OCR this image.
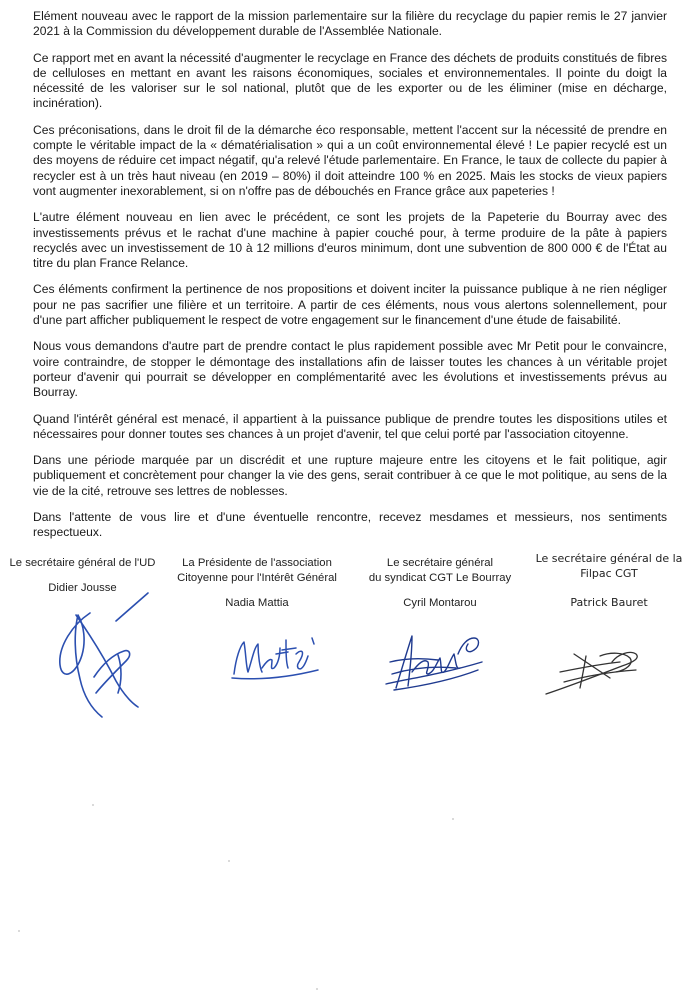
Elément nouveau avec le rapport de la mission parlementaire sur la filière du recyclage du papier remis le 27 janvier 2021 à la Commission du développement durable de l'Assemblée Nationale.

Ce rapport met en avant la nécessité d'augmenter le recyclage en France des déchets de produits constitués de fibres de celluloses en mettant en avant les raisons économiques, sociales et environnementales. Il pointe du doigt la nécessité de les valoriser sur le sol national, plutôt que de les exporter ou de les éliminer (mise en décharge, incinération).

Ces préconisations, dans le droit fil de la démarche éco responsable, mettent l'accent sur la nécessité de prendre en compte le véritable impact de la « dématérialisation » qui a un coût environnemental élevé ! Le papier recyclé est un des moyens de réduire cet impact négatif, qu'a relevé l'étude parlementaire. En France, le taux de collecte du papier à recycler est à un très haut niveau (en 2019 – 80%) il doit atteindre 100 % en 2025. Mais les stocks de vieux papiers vont augmenter inexorablement, si on n'offre pas de débouchés en France grâce aux papeteries !

L'autre élément nouveau en lien avec le précédent, ce sont les projets de la Papeterie du Bourray avec des investissements prévus et le rachat d'une machine à papier couché pour, à terme produire de la pâte à papiers recyclés avec un investissement de 10 à 12 millions d'euros minimum, dont une subvention de 800 000 € de l'État au titre du plan France Relance.

Ces éléments confirment la pertinence de nos propositions et doivent inciter la puissance publique à ne rien négliger pour ne pas sacrifier une filière et un territoire. A partir de ces éléments, nous vous alertons solennellement, pour d'une part afficher publiquement le respect de votre engagement sur le financement d'une étude de faisabilité.

Nous vous demandons d'autre part de prendre contact le plus rapidement possible avec Mr Petit pour le convaincre, voire contraindre, de stopper le démontage des installations afin de laisser toutes les chances à un véritable projet porteur d'avenir qui pourrait se développer en complémentarité avec les évolutions et investissements prévus au Bourray.

Quand l'intérêt général est menacé, il appartient à la puissance publique de prendre toutes les dispositions utiles et nécessaires pour donner toutes ses chances à un projet d'avenir, tel que celui porté par l'association citoyenne.

Dans une période marquée par un discrédit et une rupture majeure entre les citoyens et le fait politique, agir publiquement et concrètement pour changer la vie des gens, serait contribuer à ce que le mot politique, au sens de la vie de la cité, retrouve ses lettres de noblesses.

Dans l'attente de vous lire et d'une éventuelle rencontre, recevez mesdames et messieurs, nos sentiments respectueux.

Le secrétaire général de l'UD
Didier Jousse
La Présidente de l'association
Citoyenne pour l'Intérêt Général
Nadia Mattia
Le secrétaire général
du syndicat CGT Le Bourray
Cyril Montarou
Le secrétaire général de la
Filpac CGT
Patrick Bauret
